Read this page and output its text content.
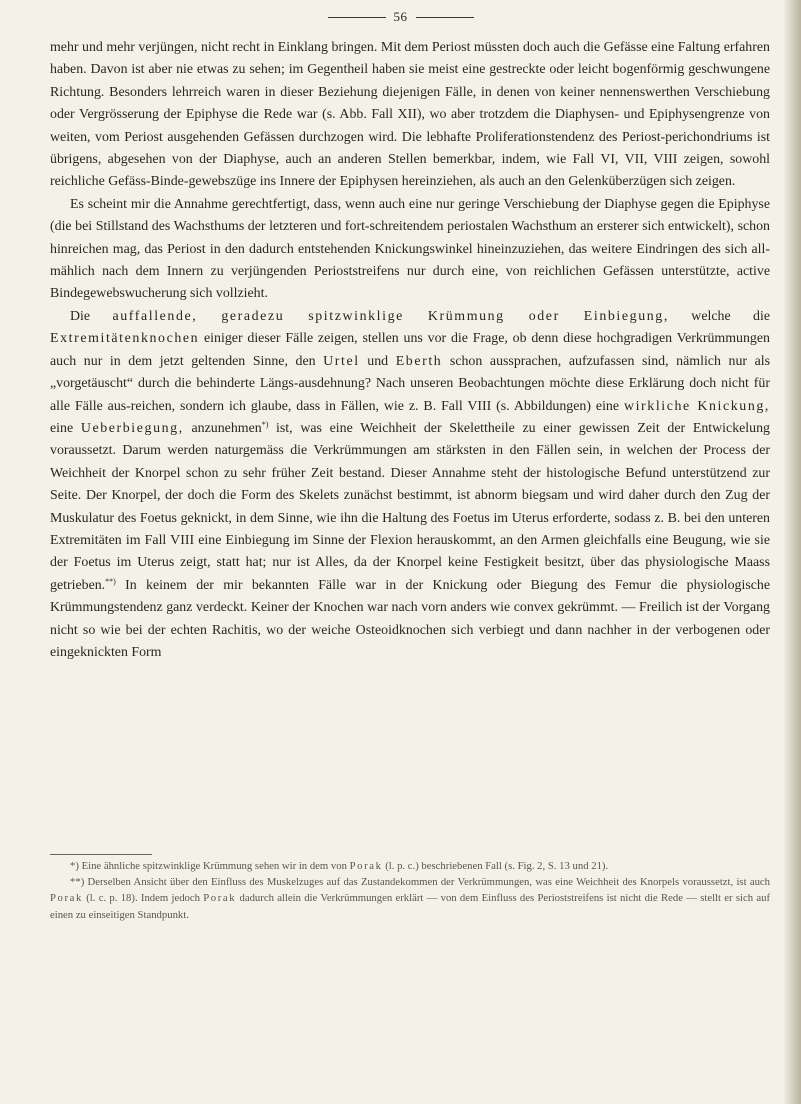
56

mehr und mehr verjüngen, nicht recht in Einklang bringen. Mit dem Periost müssten doch auch die Gefässe eine Faltung erfahren haben. Davon ist aber nie etwas zu sehen; im Gegentheil haben sie meist eine gestreckte oder leicht bogenförmig geschwungene Richtung. Besonders lehrreich waren in dieser Beziehung diejenigen Fälle, in denen von keiner nennenswerthen Verschiebung oder Vergrösserung der Epiphyse die Rede war (s. Abb. Fall XII), wo aber trotzdem die Diaphysen- und Epiphysengrenze von weiten, vom Periost ausgehenden Gefässen durchzogen wird. Die lebhafte Proliferationstendenz des Periost-perichondriums ist übrigens, abgesehen von der Diaphyse, auch an anderen Stellen bemerkbar, indem, wie Fall VI, VII, VIII zeigen, sowohl reichliche Gefäss-Binde-gewebszüge ins Innere der Epiphysen hereinziehen, als auch an den Gelenküberzügen sich zeigen.

Es scheint mir die Annahme gerechtfertigt, dass, wenn auch eine nur geringe Verschiebung der Diaphyse gegen die Epiphyse (die bei Stillstand des Wachsthums der letzteren und fort-schreitendem periostalen Wachsthum an ersterer sich entwickelt), schon hinreichen mag, das Periost in den dadurch entstehenden Knickungswinkel hineinzuziehen, das weitere Eindringen des sich all-mählich nach dem Innern zu verjüngenden Perioststreifens nur durch eine, von reichlichen Gefässen unterstützte, active Bindegewebswucherung sich vollzieht.

Die auffallende, geradezu spitzwinklige Krümmung oder Einbiegung, welche die Extremitätenknochen einiger dieser Fälle zeigen, stellen uns vor die Frage, ob denn diese hochgradigen Verkrümmungen auch nur in dem jetzt geltenden Sinne, den Urtel und Eberth schon aussprachen, aufzufassen sind, nämlich nur als „vorgetäuscht“ durch die behinderte Längs-ausdehnung? Nach unseren Beobachtungen möchte diese Erklärung doch nicht für alle Fälle aus-reichen, sondern ich glaube, dass in Fällen, wie z. B. Fall VIII (s. Abbildungen) eine wirkliche Knickung, eine Ueberbiegung, anzunehmen*) ist, was eine Weichheit der Skelettheile zu einer gewissen Zeit der Entwickelung voraussetzt. Darum werden naturgemäss die Verkrümmungen am stärksten in den Fällen sein, in welchen der Process der Weichheit der Knorpel schon zu sehr früher Zeit bestand. Dieser Annahme steht der histologische Befund unterstützend zur Seite. Der Knorpel, der doch die Form des Skelets zunächst bestimmt, ist abnorm biegsam und wird daher durch den Zug der Muskulatur des Foetus geknickt, in dem Sinne, wie ihn die Haltung des Foetus im Uterus erforderte, sodass z. B. bei den unteren Extremitäten im Fall VIII eine Einbiegung im Sinne der Flexion herauskommt, an den Armen gleichfalls eine Beugung, wie sie der Foetus im Uterus zeigt, statt hat; nur ist Alles, da der Knorpel keine Festigkeit besitzt, über das physiologische Maass getrieben.**) In keinem der mir bekannten Fälle war in der Knickung oder Biegung des Femur die physiologische Krümmungstendenz ganz verdeckt. Keiner der Knochen war nach vorn anders wie convex gekrümmt. — Freilich ist der Vorgang nicht so wie bei der echten Rachitis, wo der weiche Osteoidknochen sich verbiegt und dann nachher in der verbogenen oder eingeknickten Form

*) Eine ähnliche spitzwinklige Krümmung sehen wir in dem von Porak (l. p. c.) beschriebenen Fall (s. Fig. 2, S. 13 und 21).

**) Derselben Ansicht über den Einfluss des Muskelzuges auf das Zustandekommen der Verkrümmungen, was eine Weichheit des Knorpels voraussetzt, ist auch Porak (l. c. p. 18). Indem jedoch Porak dadurch allein die Verkrümmungen erklärt — von dem Einfluss des Perioststreifens ist nicht die Rede — stellt er sich auf einen zu einseitigen Standpunkt.
